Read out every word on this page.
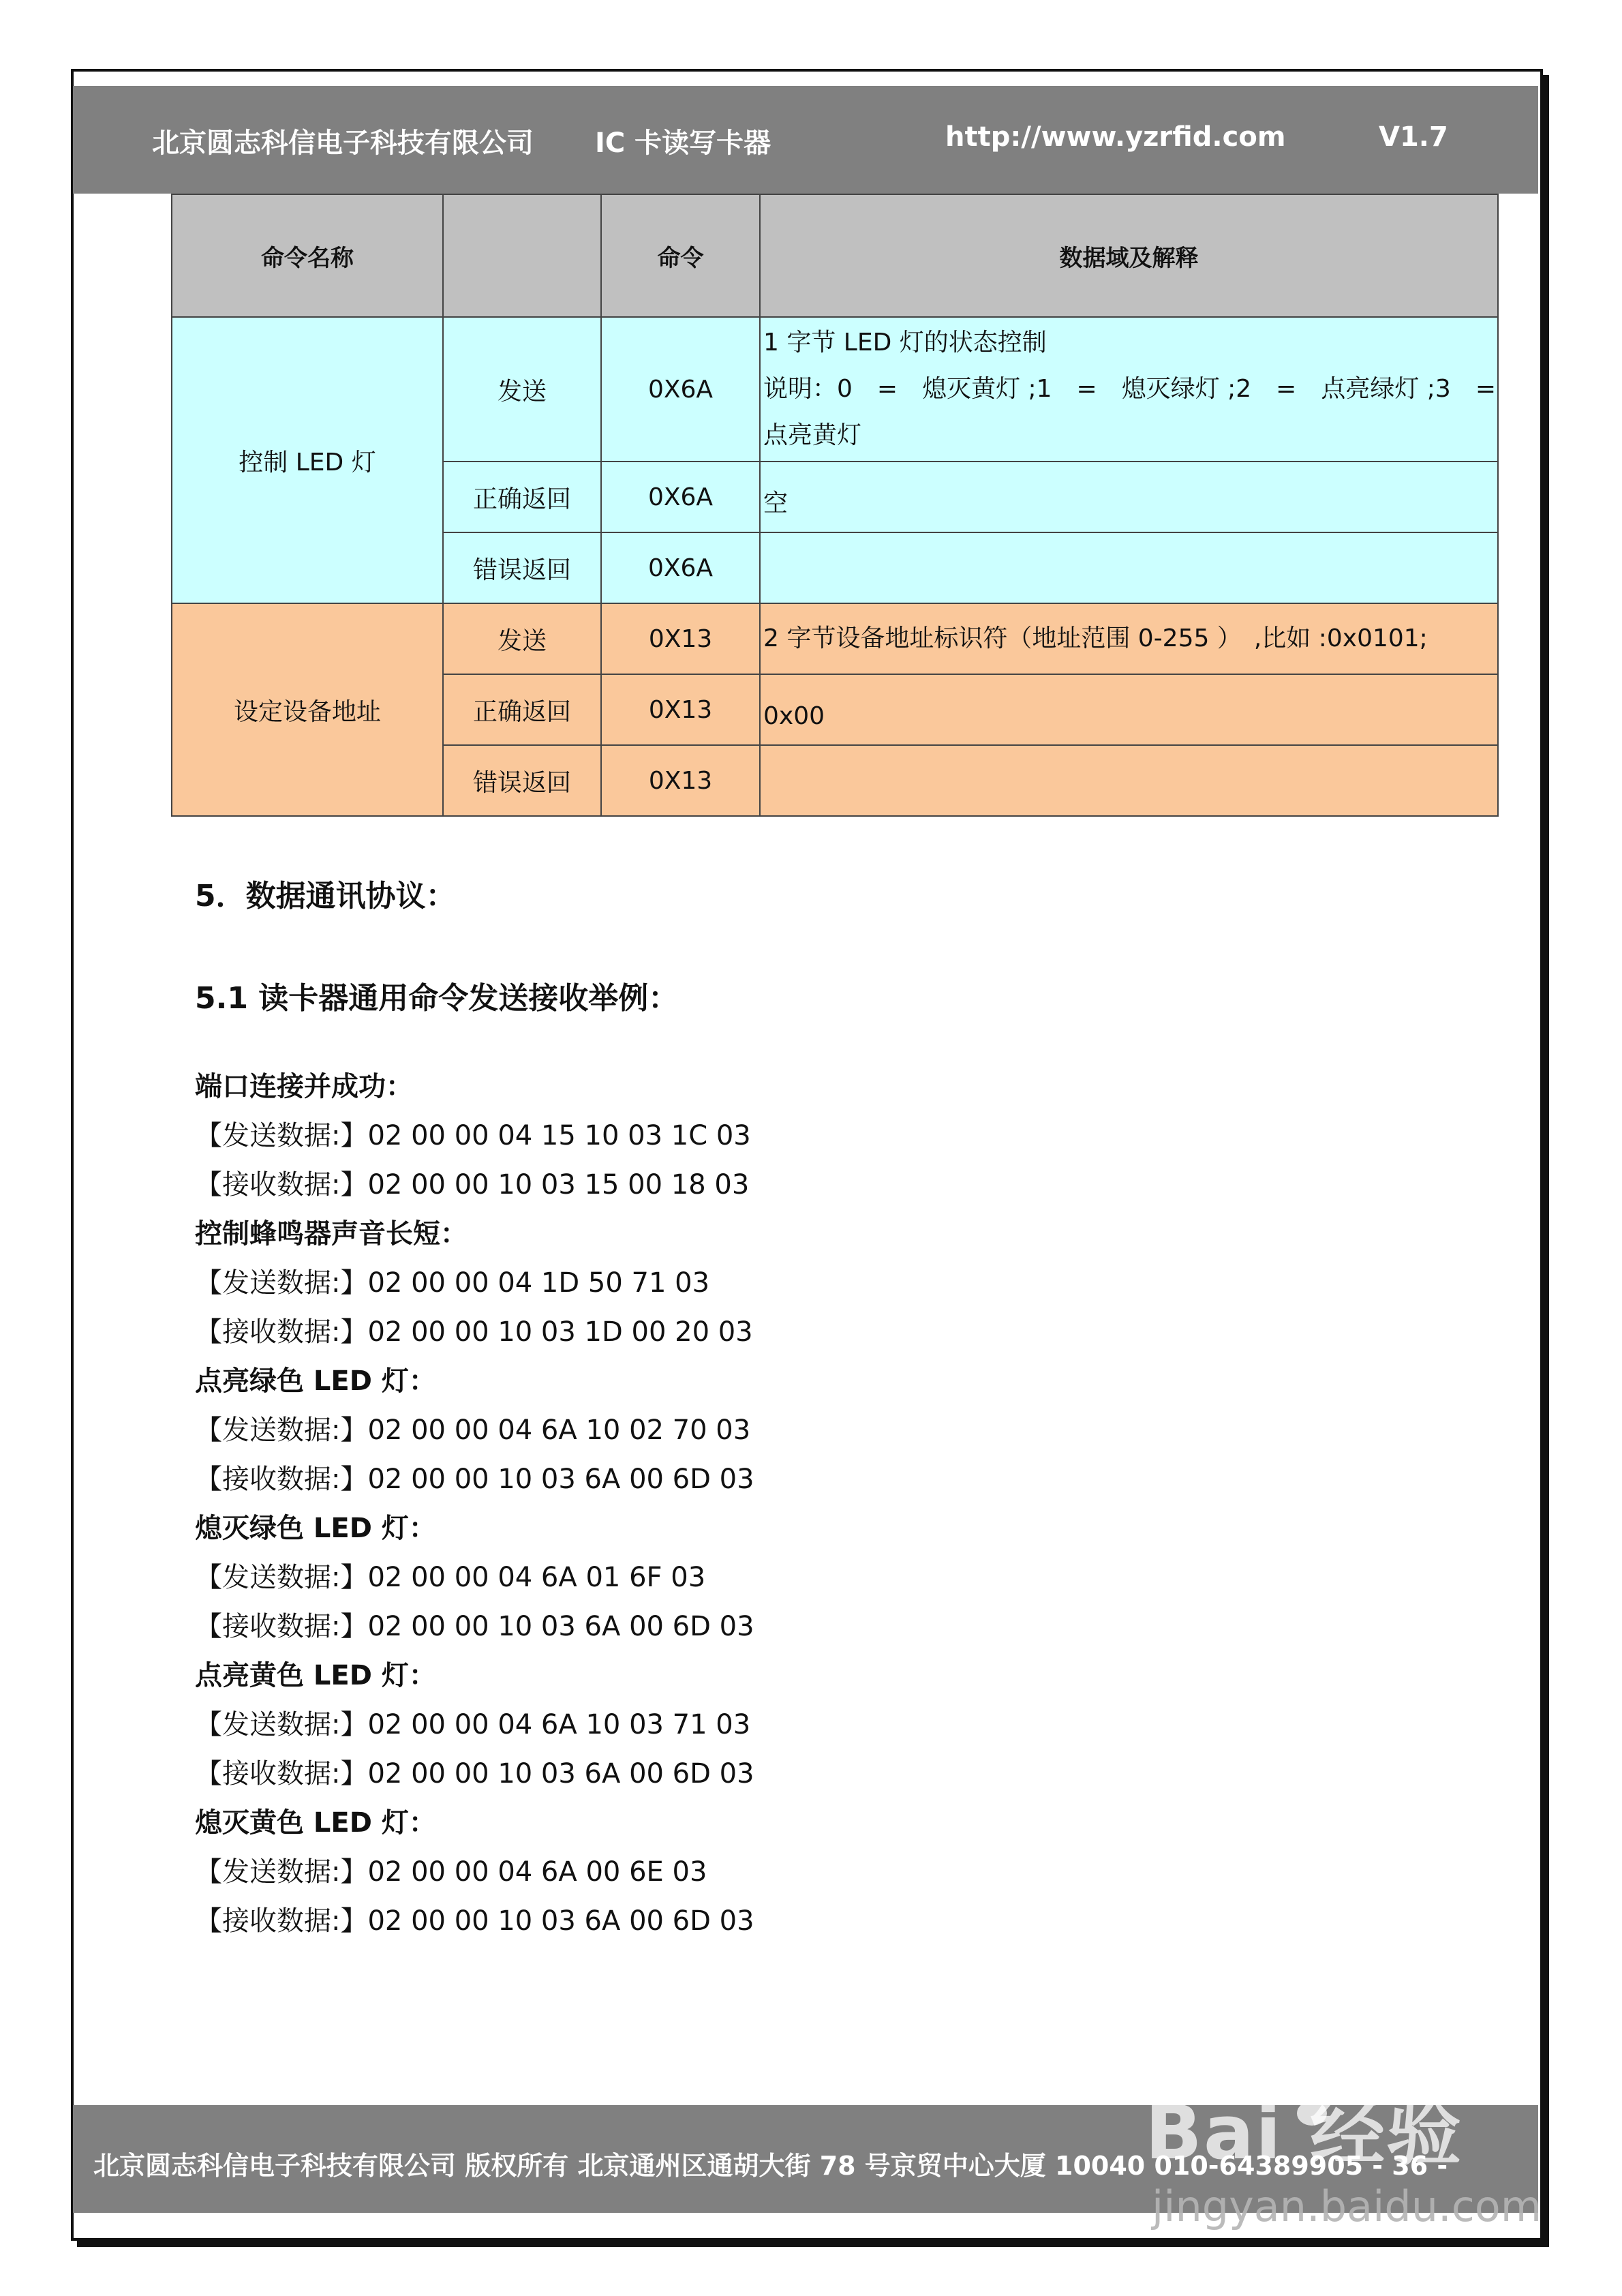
北京圆志科信电子科技有限公司 IC 卡读写卡器	http://www.yzrfid.com	V1.7
命令名称		命令	数据域及解释
控制 LED 灯	发送	0X6A	1 字节 LED 灯的状态控制
说明：0　=　熄灭黄灯 ;1　=　熄灭绿灯 ;2　=　点亮绿灯 ;3　=
点亮黄灯

	正确返回	0X6A	空

	错误返回	0X6A	
设定设备地址	发送	0X13	2 字节设备地址标识符（地址范围 0-255 ）　,比如 :0x0101;

	正确返回	0X13	0x00

	错误返回	0X13	
5．数据通讯协议：
5.1 读卡器通用命令发送接收举例：
端口连接并成功：
【发送数据:】02 00 00 04 15 10 03 1C 03
【接收数据:】02 00 00 10 03 15 00 18 03
控制蜂鸣器声音长短：
【发送数据:】02 00 00 04 1D 50 71 03
【接收数据:】02 00 00 10 03 1D 00 20 03
点亮绿色 LED 灯：
【发送数据:】02 00 00 04 6A 10 02 70 03
【接收数据:】02 00 00 10 03 6A 00 6D 03
熄灭绿色 LED 灯：
【发送数据:】02 00 00 04 6A 01 6F 03
【接收数据:】02 00 00 10 03 6A 00 6D 03
点亮黄色 LED 灯：
【发送数据:】02 00 00 04 6A 10 03 71 03
【接收数据:】02 00 00 10 03 6A 00 6D 03
熄灭黄色 LED 灯：
【发送数据:】02 00 00 04 6A 00 6E 03
【接收数据:】02 00 00 10 03 6A 00 6D 03
北京圆志科信电子科技有限公司 版权所有 北京通州区通胡大街 78 号京贸中心大厦 10040 010-64389905 - 36 -
Bai 经验
jingyan.baidu.com
